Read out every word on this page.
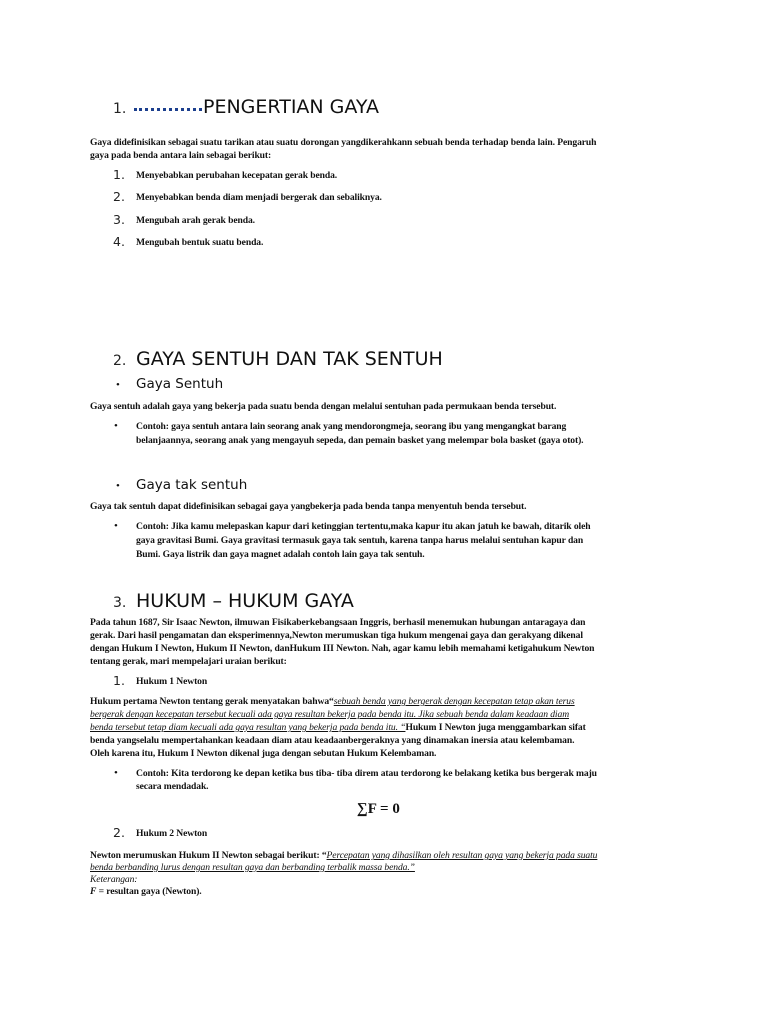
1.	PENGERTIAN GAYA
Gaya didefinisikan sebagai suatu tarikan atau suatu dorongan yangdikerahkann sebuah benda terhadap benda lain. Pengaruh
gaya pada benda antara lain sebagai berikut:
1. Menyebabkan perubahan kecepatan gerak benda.
2. Menyebabkan benda diam menjadi bergerak dan sebaliknya.
3. Mengubah arah gerak benda.
4. Mengubah bentuk suatu benda.
2. GAYA SENTUH DAN TAK SENTUH
• Gaya Sentuh
Gaya sentuh adalah gaya yang bekerja pada suatu benda dengan melalui sentuhan pada permukaan benda tersebut.
• Contoh: gaya sentuh antara lain seorang anak yang mendorongmeja, seorang ibu yang mengangkat barang
belanjaannya, seorang anak yang mengayuh sepeda, dan pemain basket yang melempar bola basket (gaya otot).
• Gaya tak sentuh
Gaya tak sentuh dapat didefinisikan sebagai gaya yangbekerja pada benda tanpa menyentuh benda tersebut.
• Contoh: Jika kamu melepaskan kapur dari ketinggian tertentu,maka kapur itu akan jatuh ke bawah, ditarik oleh
gaya gravitasi Bumi. Gaya gravitasi termasuk gaya tak sentuh, karena tanpa harus melalui sentuhan kapur dan
Bumi. Gaya listrik dan gaya magnet adalah contoh lain gaya tak sentuh.
3. HUKUM – HUKUM GAYA
Pada tahun 1687, Sir Isaac Newton, ilmuwan Fisikaberkebangsaan Inggris, berhasil menemukan hubungan antaragaya dan
gerak. Dari hasil pengamatan dan eksperimennya,Newton merumuskan tiga hukum mengenai gaya dan gerakyang dikenal
dengan Hukum I Newton, Hukum II Newton, danHukum III Newton. Nah, agar kamu lebih memahami ketigahukum Newton
tentang gerak, mari mempelajari uraian berikut:
1. Hukum 1 Newton
Hukum pertama Newton tentang gerak menyatakan bahwa“sebuah benda yang bergerak dengan kecepatan tetap akan terus
bergerak dengan kecepatan tersebut kecuali ada gaya resultan bekerja pada benda itu. Jika sebuah benda dalam keadaan diam
benda tersebut tetap diam kecuali ada gaya resultan yang bekerja pada benda itu. “Hukum I Newton juga menggambarkan sifat
benda yangselalu mempertahankan keadaan diam atau keadaanbergeraknya yang dinamakan inersia atau kelembaman.
Oleh karena itu, Hukum I Newton dikenal juga dengan sebutan Hukum Kelembaman.
• Contoh: Kita terdorong ke depan ketika bus tiba- tiba direm atau terdorong ke belakang ketika bus bergerak maju
secara mendadak.
∑F = 0
2. Hukum 2 Newton
Newton merumuskan Hukum II Newton sebagai berikut: “Percepatan yang dihasilkan oleh resultan gaya yang bekerja pada suatu
benda berbanding lurus dengan resultan gaya dan berbanding terbalik massa benda.”
Keterangan:
F = resultan gaya (Newton).
